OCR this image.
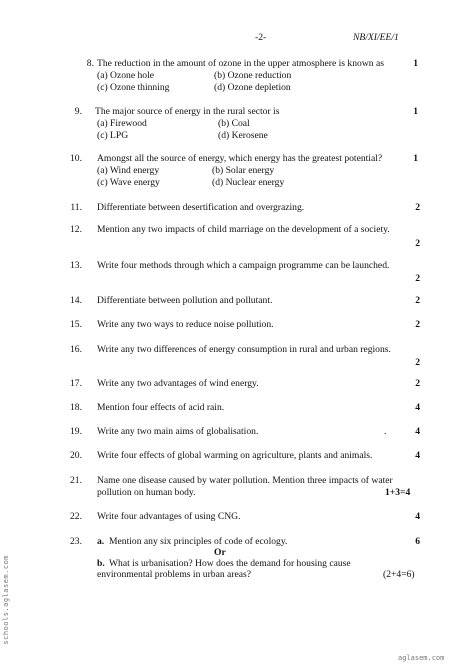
-2-	NB/XI/EE/1
8. The reduction in the amount of ozone in the upper atmosphere is known as	1
(a) Ozone hole	(b) Ozone reduction
(c) Ozone thinning	(d) Ozone depletion
9. The major source of energy in the rural sector is	1
(a) Firewood	(b) Coal
(c) LPG	(d) Kerosene
10. Amongst all the source of energy, which energy has the greatest potential?	1
(a) Wind energy	(b) Solar energy
(c) Wave energy	(d) Nuclear energy
11. Differentiate between desertification and overgrazing.	2
12. Mention any two impacts of child marriage on the development of a society.
2
13. Write four methods through which a campaign programme can be launched.
2
14. Differentiate between pollution and pollutant.	2
15. Write any two ways to reduce noise pollution.	2
16. Write any two differences of energy consumption in rural and urban regions.
2
17. Write any two advantages of wind energy.	2
18. Mention four effects of acid rain.	4
19. Write any two main aims of globalisation.	.	4
20. Write four effects of global warming on agriculture, plants and animals.	4
21. Name one disease caused by water pollution. Mention three impacts of water
pollution on human body.	1+3=4
22. Write four advantages of using CNG.	4
23. a. Mention any six principles of code of ecology.	6
Or
b. What is urbanisation? How does the demand for housing cause
environmental problems in urban areas?	(2+4=6)
schools.aglasem.com
aglasem.com
